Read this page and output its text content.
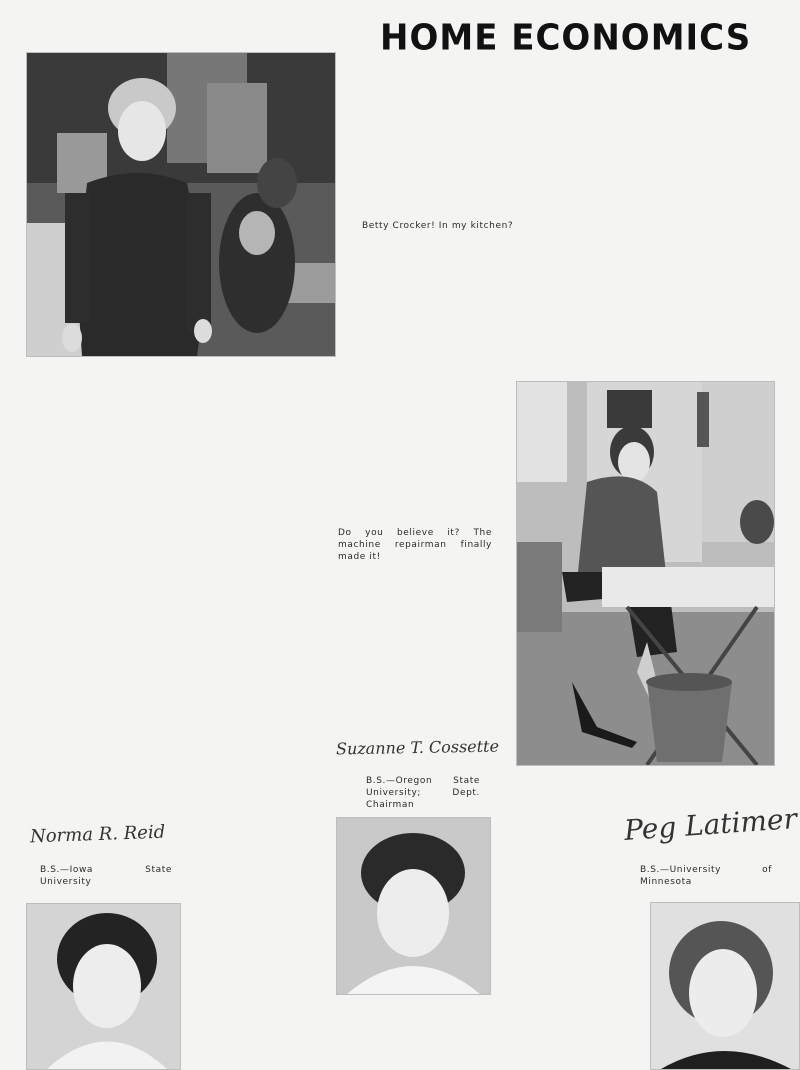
HOME ECONOMICS
Betty Crocker! In my kitchen?
Do you believe it? The machine repairman finally made it!
Norma R. Reid
B.S.—Iowa State University
Suzanne T. Cossette
B.S.—Oregon State University; Dept. Chairman	Peg Latimer
B.S.—University of Minnesota
